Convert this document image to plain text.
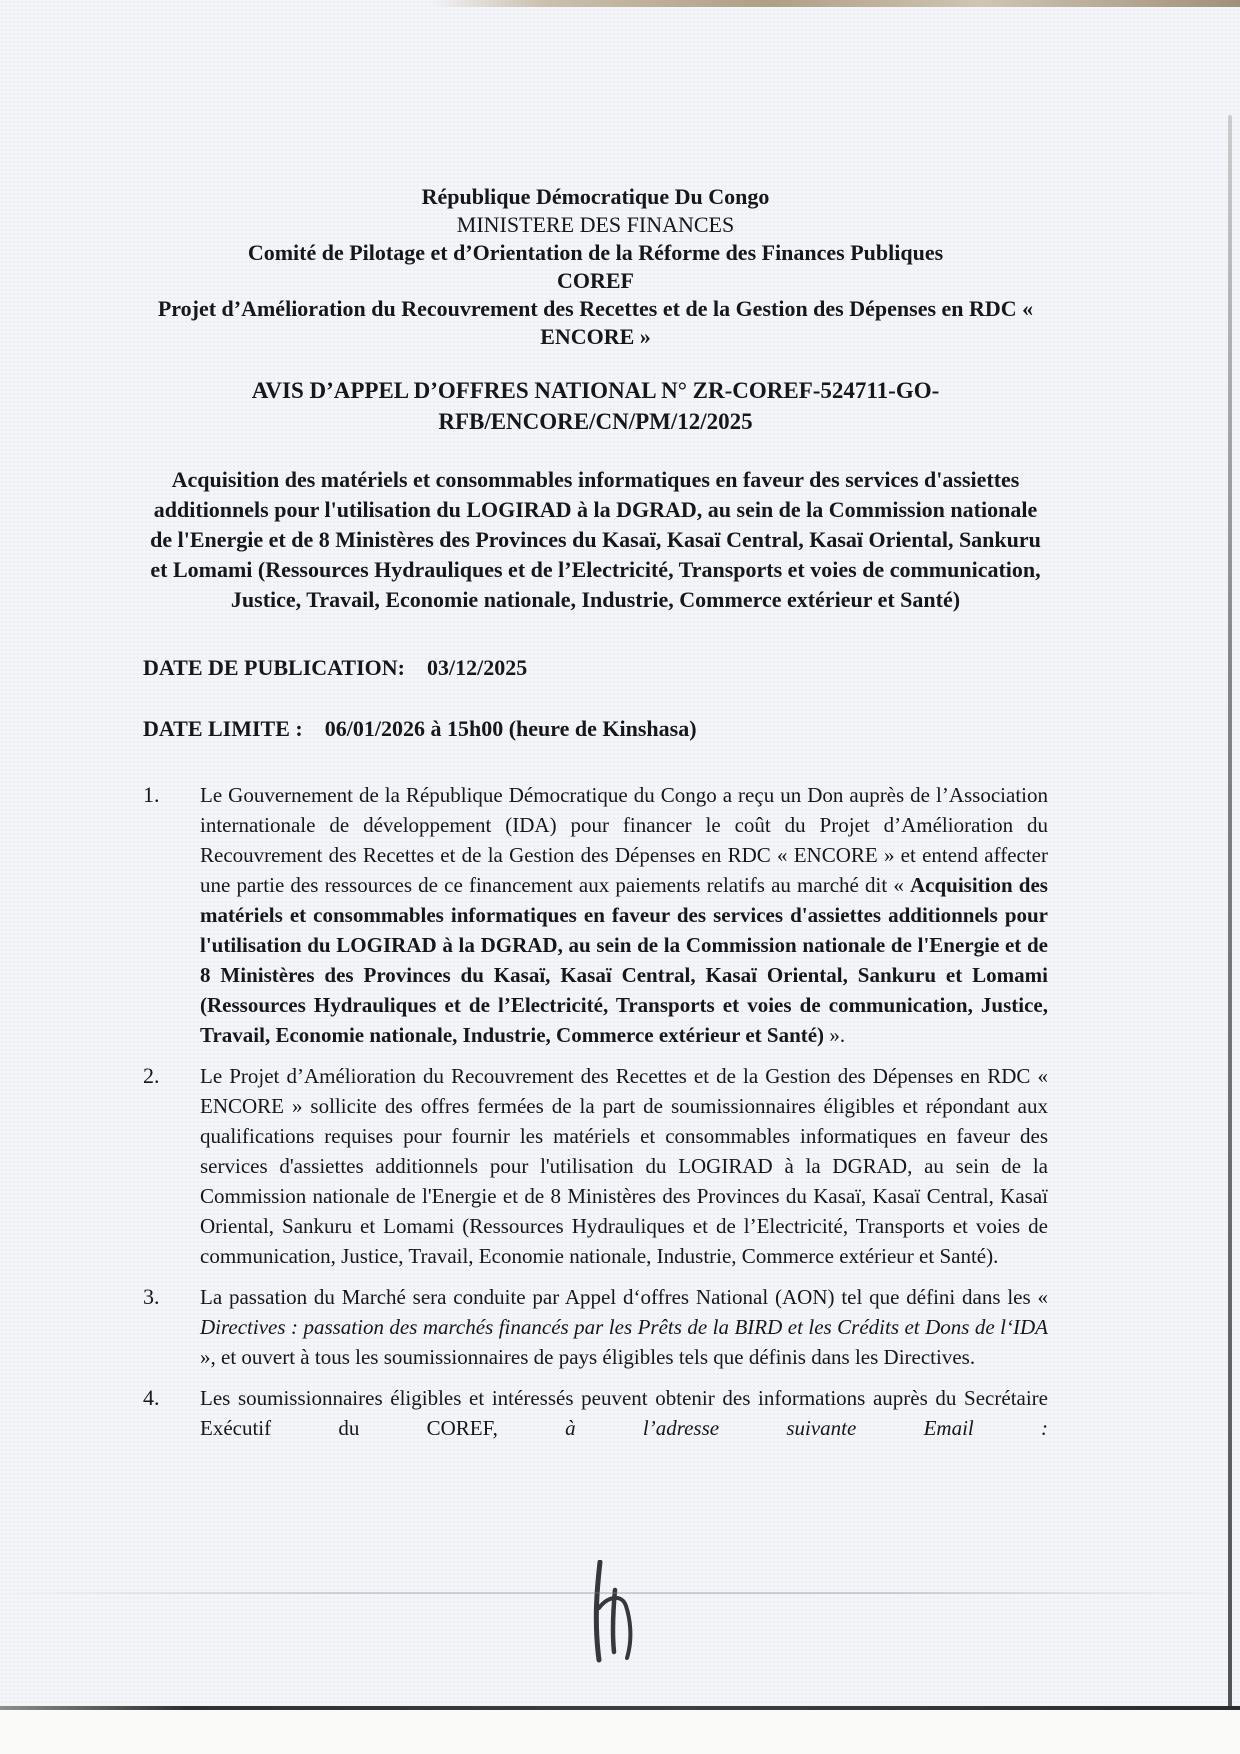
République Démocratique Du Congo
MINISTERE DES FINANCES
Comité de Pilotage et d’Orientation de la Réforme des Finances Publiques
COREF
Projet d’Amélioration du Recouvrement des Recettes et de la Gestion des Dépenses en RDC « ENCORE »
AVIS D’APPEL D’OFFRES NATIONAL N° ZR-COREF-524711-GO-
RFB/ENCORE/CN/PM/12/2025
Acquisition des matériels et consommables informatiques en faveur des services d'assiettes additionnels pour l'utilisation du LOGIRAD à la DGRAD, au sein de la Commission nationale de l'Energie et de 8 Ministères des Provinces du Kasaï, Kasaï Central, Kasaï Oriental, Sankuru et Lomami (Ressources Hydrauliques et de l’Electricité, Transports et voies de communication, Justice, Travail, Economie nationale, Industrie, Commerce extérieur et Santé)
DATE DE PUBLICATION: 03/12/2025
DATE LIMITE : 06/01/2026 à 15h00 (heure de Kinshasa)
1.	Le Gouvernement de la République Démocratique du Congo a reçu un Don auprès de l’Association internationale de développement (IDA) pour financer le coût du Projet d’Amélioration du Recouvrement des Recettes et de la Gestion des Dépenses en RDC « ENCORE » et entend affecter une partie des ressources de ce financement aux paiements relatifs au marché dit « Acquisition des matériels et consommables informatiques en faveur des services d'assiettes additionnels pour l'utilisation du LOGIRAD à la DGRAD, au sein de la Commission nationale de l'Energie et de 8 Ministères des Provinces du Kasaï, Kasaï Central, Kasaï Oriental, Sankuru et Lomami (Ressources Hydrauliques et de l’Electricité, Transports et voies de communication, Justice, Travail, Economie nationale, Industrie, Commerce extérieur et Santé) ».

2.	Le Projet d’Amélioration du Recouvrement des Recettes et de la Gestion des Dépenses en RDC « ENCORE » sollicite des offres fermées de la part de soumissionnaires éligibles et répondant aux qualifications requises pour fournir les matériels et consommables informatiques en faveur des services d'assiettes additionnels pour l'utilisation du LOGIRAD à la DGRAD, au sein de la Commission nationale de l'Energie et de 8 Ministères des Provinces du Kasaï, Kasaï Central, Kasaï Oriental, Sankuru et Lomami (Ressources Hydrauliques et de l’Electricité, Transports et voies de communication, Justice, Travail, Economie nationale, Industrie, Commerce extérieur et Santé).

3.	La passation du Marché sera conduite par Appel d‘offres National (AON) tel que défini dans les « Directives : passation des marchés financés par les Prêts de la BIRD et les Crédits et Dons de l‘IDA », et ouvert à tous les soumissionnaires de pays éligibles tels que définis dans les Directives.

4.	Les soumissionnaires éligibles et intéressés peuvent obtenir des informations auprès du Secrétaire Exécutif du COREF, à l’adresse suivante Email :
